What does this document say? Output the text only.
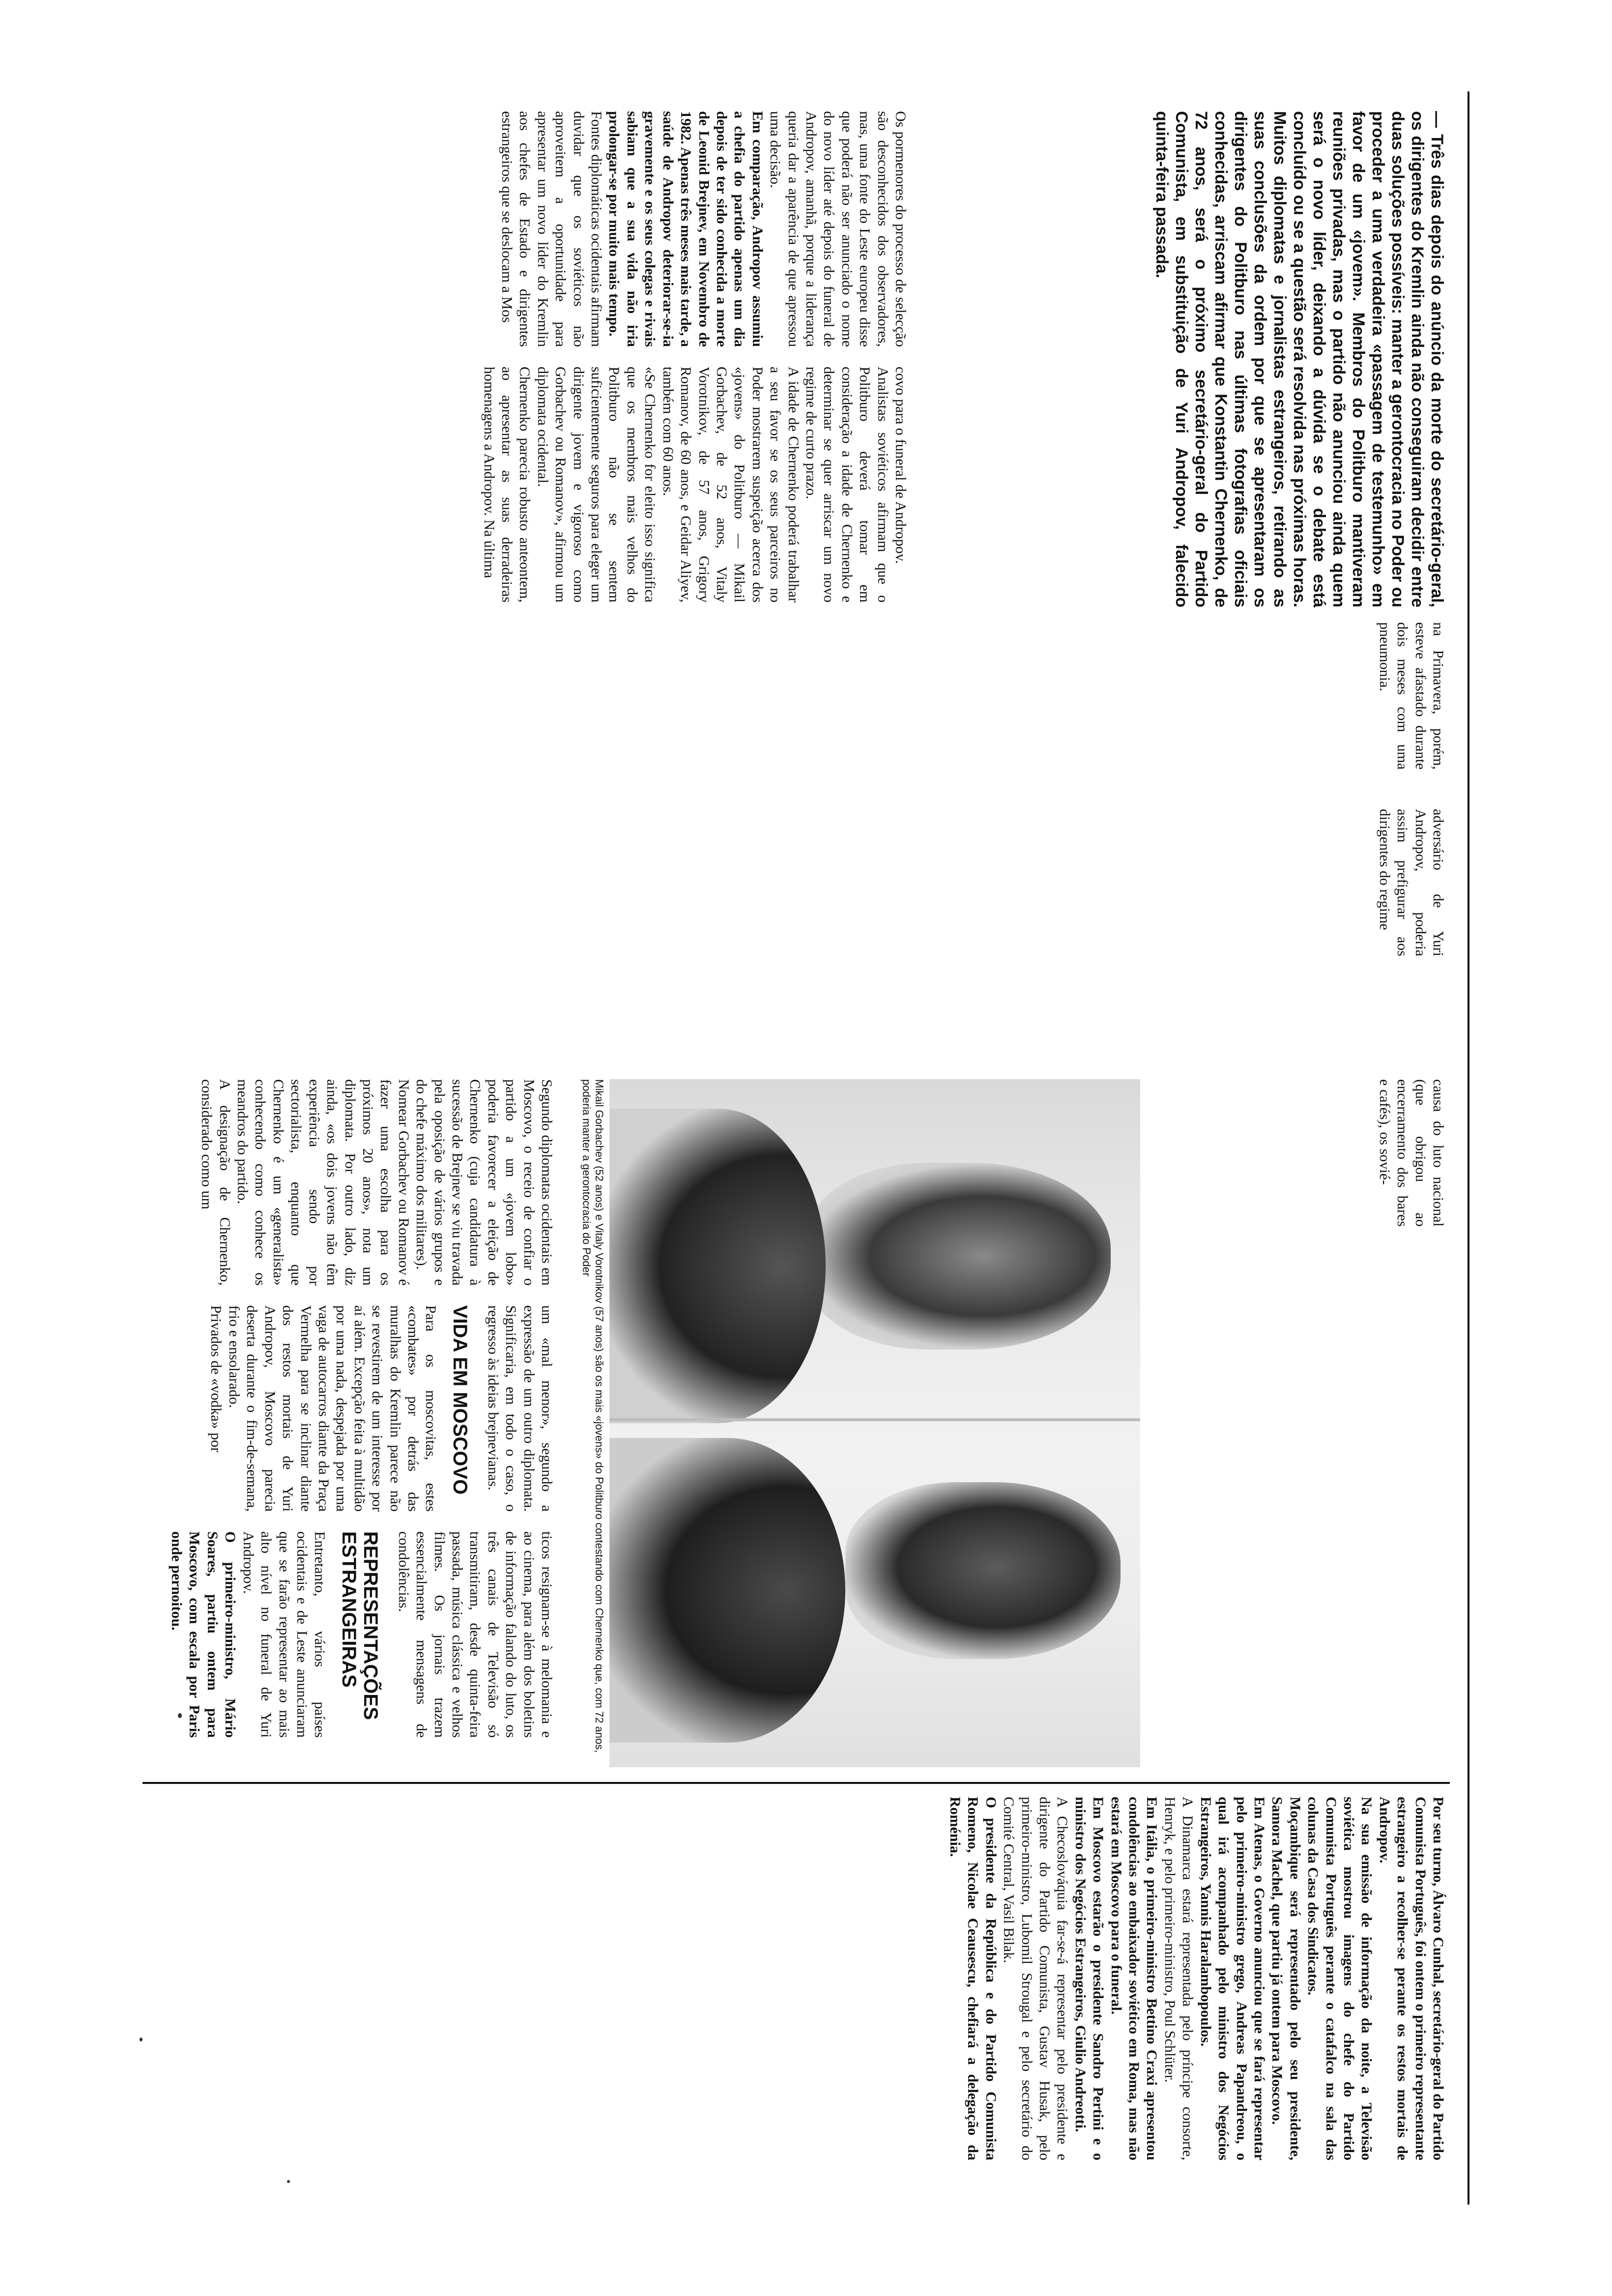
— Três dias depois do anúncio da morte do secretário-geral, os dirigentes do Kremlin ainda não conseguiram decidir entre duas soluções possíveis: manter a gerontocracia no Poder ou proceder a uma verdadeira «passagem de testemunho» em favor de um «jovem». Membros do Politburo mantiveram reuniões privadas, mas o partido não anunciou ainda quem será o novo líder, deixando a dúvida se o debate está concluído ou se a questão será resolvida nas próximas horas. Muitos diplomatas e jornalistas estrangeiros, retirando as suas conclusões da ordem por que se apresentaram os dirigentes do Politburo nas últimas fotografias oficiais conhecidas, arriscam afirmar que Konstantin Chernenko, de 72 anos, será o próximo secretário-geral do Partido Comunista, em substituição de Yuri Andropov, falecido quinta-feira passada.

Os pormenores do processo de selecção são desconhecidos dos observadores, mas, uma fonte do Leste europeu disse que poderá não ser anunciado o nome do novo líder até depois do funeral de Andropov, amanhã, porque a liderança queria dar a aparência de que apressou uma decisão.

Em comparação, Andropov assumiu a chefia do partido apenas um dia depois de ter sido conhecida a morte de Leonid Brejnev, em Novembro de 1982. Apenas três meses mais tarde, a saúde de Andropov deteriorar-se-ia gravemente e os seus colegas e rivais sabiam que a sua vida não iria prolongar-se por muito mais tempo.

Fontes diplomáticas ocidentais afirmam duvidar que os soviéticos não aproveitem a oportunidade para apresentar um novo líder do Kremlin aos chefes de Estado e dirigentes estrangeiros que se deslocam a Mos

covo para o funeral de Andropov.

Analistas soviéticos afirmam que o Politburo deverá tomar em consideração a idade de Chernenko e determinar se quer arriscar um novo regime de curto prazo.

A idade de Chernenko poderá trabalhar a seu favor se os seus parceiros no Poder mostrarem suspeição acerca dos «jovens» do Politburo — Mikail Gorbachev, de 52 anos, Vitaly Vorotnikov, de 57 anos, Grigory Romanov, de 60 anos, e Geidar Aliyev, também com 60 anos.

«Se Chernenko for eleito isso significa que os membros mais velhos do Politburo não se sentem suficientemente seguros para eleger um dirigente jovem e vigoroso como Gorbachev ou Romanov», afirmou um diplomata ocidental.

Chernenko parecia robusto anteontem, ao apresentar as suas derradeiras homenagens a Andropov. Na última

na Primavera, porém, esteve afastado durante dois meses com uma pneumonia.

adversário de Yuri Andropov, poderia assim prefigurar aos dirigentes do regime

causa do luto nacional (que obrigou ao encerramento dos bares e cafés), os sovié-

Mikail Gorbachev (52 anos) e Vitaly Vorotnikov (57 anos) são os mais «jovens» do Politburo contestando com Chernenko que, com 72 anos, poderia manter a gerontocracia do Poder

Segundo diplomatas ocidentais em Moscovo, o receio de confiar o partido a um «jovem lobo» poderia favorecer a eleição de Chernenko (cuja candidatura à sucessão de Brejnev se viu travada pela oposição de vários grupos e do chefe máximo dos militares).

Nomear Gorbachev ou Romanov é fazer uma escolha para os próximos 20 anos», nota um diplomata. Por outro lado, diz ainda, «os dois jovens não têm experiência sendo por sectorialista, enquanto que Chernenko é um «generalista» conhecendo como conhece os meandros do partido.

A designação de Chernenko, considerado como um

um «mal menor», segundo a expressão de um outro diplomata. Significaria, em todo o caso, o regresso às ideias brejnevianas.

VIDA EM MOSCOVO

Para os moscovitas, estes «combates» por detrás das muralhas do Kremlin parece não se revestirem de um interesse por aí além. Excepção feita à multidão por uma nada, despejada por uma vaga de autocarros diante da Praça Vermelha para se inclinar diante dos restos mortais de Yuri Andropov, Moscovo parecia deserta durante o fim-de-semana, frio e ensolarado.

Privados de «vodka» por

ticos resignam-se à melomania e ao cinema, para além dos boletins de informação falando do luto, os três canais de Televisão só transmitiram, desde quinta-feira passada, música clássica e velhos filmes. Os jornais trazem essencialmente mensagens de condolências.

REPRESENTAÇÕES ESTRANGEIRAS

Entretanto, vários países ocidentais e de Leste anunciaram que se farão representar ao mais alto nível no funeral de Yuri Andropov.

O primeiro-ministro, Mário Soares, partiu ontem para Moscovo, com escala por Paris onde pernoitou.

Por seu turno, Álvaro Cunhal, secretário-geral do Partido Comunista Português, foi ontem o primeiro representante estrangeiro a recolher-se perante os restos mortais de Andropov.

Na sua emissão de informação da noite, a Televisão soviética mostrou imagens do chefe do Partido Comunista Português perante o catafalco na sala das colunas da Casa dos Sindicatos.

Moçambique será representado pelo seu presidente, Samora Machel, que partiu já ontem para Moscovo.

Em Atenas, o Governo anunciou que se fará representar pelo primeiro-ministro grego, Andreas Papandreou, o qual irá acompanhado pelo ministro dos Negócios Estrangeiros, Yannis Haralambopoulos.

A Dinamarca estará representada pelo príncipe consorte, Henryk, e pelo primeiro-ministro, Poul Schlüter.

Em Itália, o primeiro-ministro Bettino Craxi apresentou condolências ao embaixador soviético em Roma, mas não estará em Moscovo para o funeral.

Em Moscovo estarão o presidente Sandro Pertini e o ministro dos Negócios Estrangeiros, Giulio Andreotti.

A Checoslováquia far-se-á representar pelo presidente e dirigente do Partido Comunista, Gustav Husak, pelo primeiro-ministro, Lubomil Strougal e pelo secretário do Comité Central, Vasil Bilak.

O presidente da República e do Partido Comunista Romeno, Nicolae Ceausescu, chefiará a delegação da Roménia.
